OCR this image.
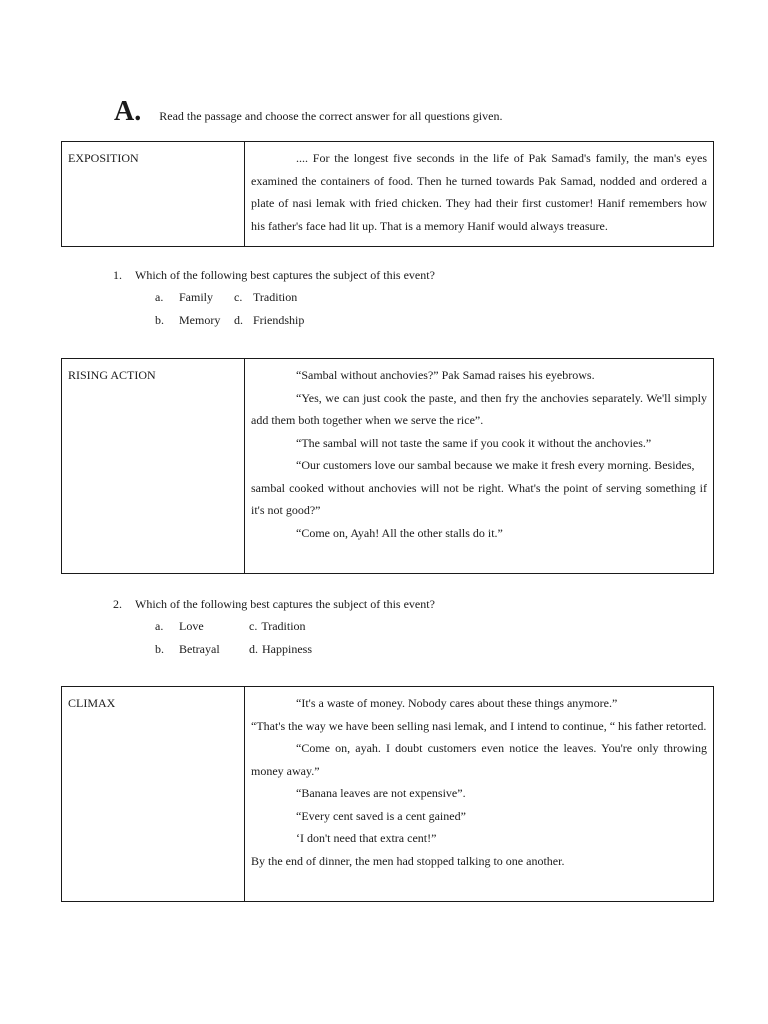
A. Read the passage and choose the correct answer for all questions given.
EXPOSITION	.... For the longest five seconds in the life of Pak Samad's family, the man's eyes examined the containers of food. Then he turned towards Pak Samad, nodded and ordered a plate of nasi lemak with fried chicken. They had their first customer! Hanif remembers how his father's face had lit up. That is a memory Hanif would always treasure.

1.	Which of the following best captures the subject of this event?
a.	Family c. Tradition
b.	Memory d. Friendship
RISING ACTION	“Sambal without anchovies?” Pak Samad raises his eyebrows.

“Yes, we can just cook the paste, and then fry the anchovies separately. We'll simply add them both together when we serve the rice”.

“The sambal will not taste the same if you cook it without the anchovies.”

“Our customers love our sambal because we make it fresh every morning. Besides,

sambal cooked without anchovies will not be right. What's the point of serving something if it's not good?”

“Come on, Ayah! All the other stalls do it.”

2.	Which of the following best captures the subject of this event?
a.	Love	c. Tradition
b.	Betrayal d. Happiness
CLIMAX	“It's a waste of money. Nobody cares about these things anymore.”

“That's the way we have been selling nasi lemak, and I intend to continue, “ his father retorted.

“Come on, ayah. I doubt customers even notice the leaves. You're only throwing money away.”

“Banana leaves are not expensive”.

“Every cent saved is a cent gained”

‘I don't need that extra cent!”

By the end of dinner, the men had stopped talking to one another.
